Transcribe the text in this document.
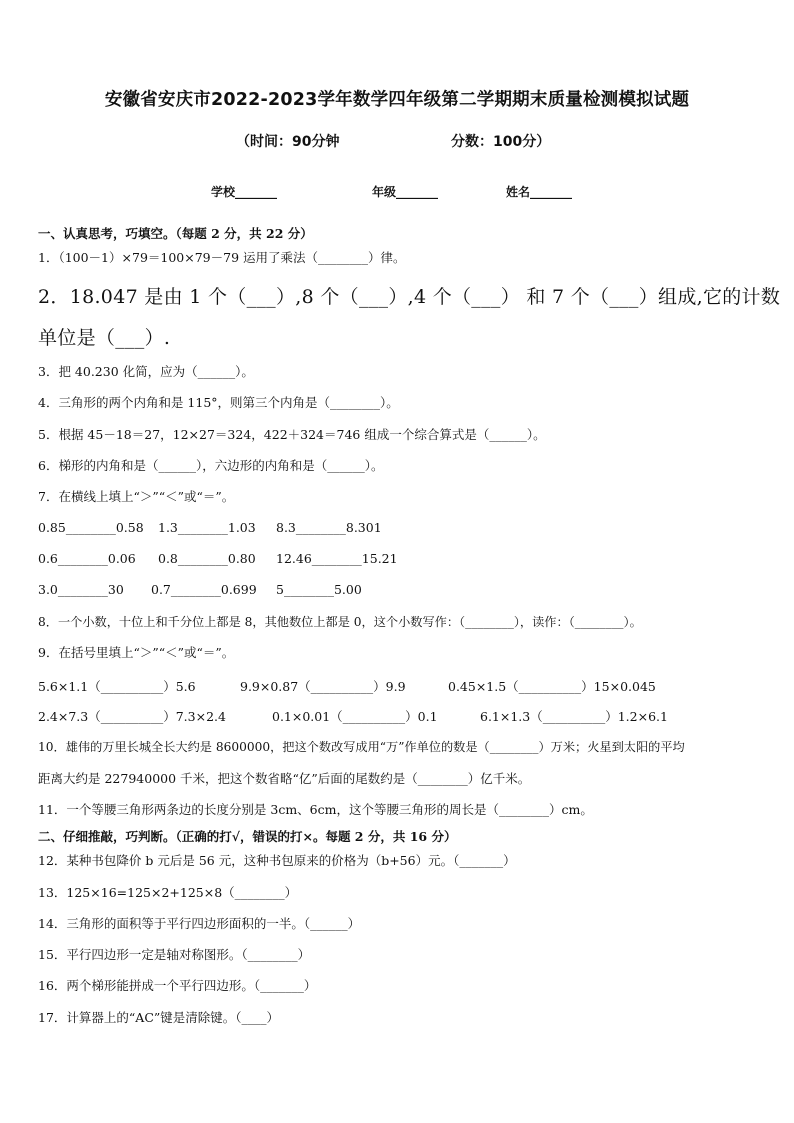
安徽省安庆市2022-2023学年数学四年级第二学期期末质量检测模拟试题
（时间：90分钟	分数：100分）
学校_______	年级_______	姓名_______
一、认真思考，巧填空。（每题 2 分，共 22 分）
1．（100－1）×79＝100×79－79 运用了乘法（________）律。
2．18.047 是由 1 个（___）,8 个（___）,4 个（___） 和 7 个（___）组成,它的计数
单位是（___）.
3．把 40.230 化简，应为（______）。
4．三角形的两个内角和是 115°，则第三个内角是（________）。
5．根据 45－18＝27，12×27＝324，422＋324＝746 组成一个综合算式是（______）。
6．梯形的内角和是（______），六边形的内角和是（______）。
7．在横线上填上“＞”“＜”或“＝”。
0.85________0.58 1.3________1.03 8.3________8.301
0.6________0.06 0.8________0.80 12.46________15.21
3.0________30 0.7________0.699 5________5.00
8．一个小数，十位上和千分位上都是 8，其他数位上都是 0，这个小数写作：（________），读作：（________）。
9．在括号里填上“＞”“＜”或“＝”。
5.6×1.1（__________）5.6	9.9×0.87（__________）9.9	0.45×1.5（__________）15×0.045
2.4×7.3（__________）7.3×2.4	0.1×0.01（__________）0.1	6.1×1.3（__________）1.2×6.1
10．雄伟的万里长城全长大约是 8600000，把这个数改写成用“万”作单位的数是（________）万米；火星到太阳的平均
距离大约是 227940000 千米，把这个数省略“亿”后面的尾数约是（________）亿千米。
11．一个等腰三角形两条边的长度分别是 3cm、6cm，这个等腰三角形的周长是（________）cm。
二、仔细推敲，巧判断。（正确的打√，错误的打×。每题 2 分，共 16 分）
12．某种书包降价 b 元后是 56 元，这种书包原来的价格为（b+56）元。（_______）
13．125×16=125×2+125×8（________）
14．三角形的面积等于平行四边形面积的一半。（______）
15．平行四边形一定是轴对称图形。（________）
16．两个梯形能拼成一个平行四边形。（_______）
17．计算器上的“AC”键是清除键。（____）
